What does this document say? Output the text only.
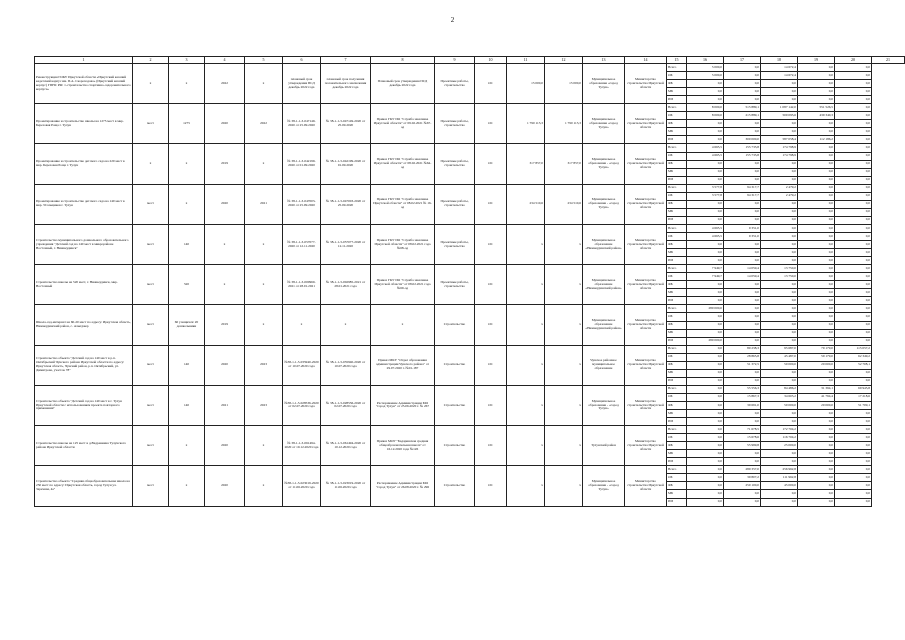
2
1	2	3	4	5	6	7	8	9	10	11	12	13	14	15	16	17	18	19	20	21
Реконструкция ГОКУ Иркутской области «Иркутский казачий кадетский корпус им. П.А. Скороходова» (Иркутский казачий корпус) ГПНС РФ: 1-строительство спортивно-оздоровительного корпуса»	x	x	2022	x	плановый срок утверждения ПСД декабрь 2022 года	плановый срок получения положительного заключения декабрь 2022 года	Плановый срок утверждения ПСД декабрь 2022 года	Проектные работы, строительство	ОС	15 000,0	15 000,0	Муниципальное образование «город Тулун»	Министерство строительства Иркутской области	Всего	5 000,0	0,0	14 672,4	0,0	0,0	
														ОБ	5 000,0	0,0	14 672,4	0,0	0,0	
														ФБ	0,0	0,0	0,0	0,0	0,0	
														МБ	0,0	0,0	0,0	0,0	0,0	
														ИИ	0,0	0,0	0,0	0,0	0,0	
Проектирование и строительство школы на 1275 мест в мкр. Березовая Роща г. Тулун	мест	1275	2020	2022	№ 38-1-1-3-047149-2020 от 25.09.2020	№ 38-1-1-3-047149-2020 от 25.09.2020	Приказ ГКУ ИО "Служба заказчика Иркутской области" от 09.02.2021 №67-од	Проектные работы, строительство	ОС	1 790 113,3	1 790 113,3	Муниципальное образование «город Тулун»	Министерство строительства Иркутской области	Всего	8 000,0	515 889,1	1 087 142,0	551 526,5	0,0	
														ОБ	8 000,0	215 889,1	500 093,6	439 340,3	0,0	
														ФБ	0,0	0,0	0,0	0,0	0,0	
														МБ	0,0	0,0	0,0	0,0	0,0	
														ИИ	0,0	300 000,0	587 058,4	112 186,2	0,0	
Проектирование и строительство детского сада на 220 мест в мкр. Березовая Роща г. Тулун	x	x	2019	x	№ 38-1-1-3-042199-2020 от 01.09.2020	№ 38-1-1-3-042199-2020 от 01.09.2020	Приказ ГКУ ИО "Служба заказчика Иркутской области" от 08.02.2021 №64-од	Проектные работы, строительство	ОС	317 857,0	317 857,0	Муниципальное образование - «город Тулун»	Министерство строительства Иркутской области	Всего	4 665,5	155 733,8	174 798,9	0,0	0,0	
														ОБ	4 665,5	155 733,8	174 798,9	0,0	0,0	
														ФБ	0,0	0,0	0,0	0,0	0,0	
														МБ	0,0	0,0	0,0	0,0	0,0	
														ИИ	0,0	0,0	0,0	0,0	0,0	
Проектирование и строительство детского сада на 140 мест в мкр. Угольщиков г. Тулун	мест	x	2020	2021	№ 38-1-1-3-047003-2020 от 25.09.2020	№ 38-1-1-3-047003-2020 от 25.09.2020	Приказ ГКУ ИО "Служба заказчика Иркутской области" от 08.02.2021 № 16-од	Проектные работы, строительство	ОС	234 510,6	234 510,6	Муниципальное образование - «город Тулун»	Министерство строительства Иркутской области	Всего	3 577,8	94 317,7	2 479,2	0,0	0,0	
														ОБ	3 577,8	94 317,7	2 479,2	0,0	0,0	
														ФБ	0,0	0,0	0,0	0,0	0,0	
														МБ	0,0	0,0	0,0	0,0	0,0	
														ИИ	0,0	0,0	0,0	0,0	0,0	
Строительство муниципального дошкольного образовательного учреждения "Детский сад на 140 мест в микрорайоне Восточный, г. Нижнеудинск"	мест	140	x	x	№ 38-1-1-3-057077-2020 от 12.11.2020	№ 38-1-1-3-057077-2020 от 12.11.2020	Приказ ГКУ ИО "Служба заказчика Иркутской области" от 08.02.2021 года №68-од	Проектные работы, строительство	ОС	x	x	Муниципальное образование «Нижнеудинский район»	Министерство строительства Иркутской области	Всего	4 665,5	9 351,0	0,0	0,0	0,0	
														ОБ	4 665,5	9 351,0	0,0	0,0	0,0	
														ФБ	0,0	0,0	0,0	0,0	0,0	
														МБ	0,0	0,0	0,0	0,0	0,0	
														ИИ	0,0	0,0	0,0	0,0	0,0	
Строительство школы на 520 мест, г. Нижнеудинск, мкр. Восточный	мест	520	x	x	№ 38-1-1-3-000960-2021 от 28.01.2021	№ 38-1-1-3-002985-2021 от 28.01.2021 года	Приказ ГКУ ИО "Служба заказчика Иркутской области" от 08.02.2021 года №69-од	Проектные работы, строительство	ОС	x	x	Муниципальное образование «Нижнеудинский район»	Министерство строительства Иркутской области	Всего	7 949,7	14 059,4	13 750,0	0,0	0,0	
														ОБ	7 949,7	14 059,4	13 750,0	0,0	0,0	
														ФБ	0,0	0,0	0,0	0,0	0,0	
														МБ	0,0	0,0	0,0	0,0	0,0	
														ИИ	0,0	0,0	0,0	0,0	0,0	
Школа-сад-интернат на 60-20 мест по адресу: Иркутская область, Нижнеудинский район, с. Алыгджер	мест	60 учащихся/ 20 дошкольники	2019	x	x	x	x	Строительство	ОС	x	x	Муниципальное образование «Нижнеудинский район»	Министерство строительства Иркутской области	Всего	280 000,0	0,0	0,0	0,0	0,0	
														ОБ	0,0	0,0	0,0	0,0	0,0	
														ФБ	0,0	0,0	0,0	0,0	0,0	
														МБ	0,0	0,0	0,0	0,0	0,0	
														ИИ	280 000,0	0,0	0,0	0,0	0,0	
Строительство объекта "Детский сад на 140 мест в р.п. Октябрьский Чунского района Иркутской области по адресу: Иркутская область, Чунский район, р.п. Октябрьский, ул. Димитрова, участок 78"	мест	140	2020	2023	№38-1-1-3-035940-2020 от 10.07.2020 года	№ 38-1-1-3-035940-2020 от 10.07.2020 года	Приказ МКУ "Отдел образования администрации Чунского района" от 29.07.2020 г. №01-187	Строительство	ОС	x	x	Чунское районное муниципальное образование	Министерство строительства Иркутской области	Всего	0,0	80 238,3	95 687,0	79 179,0	115 057,2	
														ОБ	0,0	28 865,8	45 487,0	59 179,0	62 349,2	
														ФБ	0,0	51 372,5	50 000,0	20 000,0	52 708,1	
														МБ	0,0	0,0	0,0	0,0	0,0	
														ИИ	0,0	0,0	0,0	0,0	0,0	
Строительство объекта "Детский сад на 140 мест в г. Тулун Иркутской области с использованием проекта повторного применения"	мест	140	2021	2023	№38-1-1-3-028536-2020 от 02.07.2020 года	№ 38-1-1-3-028536-2020 от 02.07.2020 года	Распоряжение Администрации МО "город Тулун" от 25.06.2020 г. № 267	Строительство	ОС	x	x	Муниципальное образование - «город Тулун»	Министерство строительства Иркутской области	Всего	0,0	55 556,3	84 486,2	31 394,1	69 945,8	
														ОБ	0,0	15 867,3	34 603,2	41 794,4	17 218,6	
														ФБ	0,0	39 691,0	50 000,0	20 000,0	51 709,1	
														МБ	0,0	0,0	0,0	0,0	0,0	
														ИИ	0,0	0,0	0,0	0,0	0,0	
Строительство школы на 125 мест в д.Вадренкина Тулунского района Иркутской области	мест	x	2020	x	№ 38-1-1-3-061494-2020 от 10.12.2020 года	№ 38-1-1-3-061494-2020 от 10.12.2020 года	Приказ МОУ "Бадаринская средняя общеобразовательная школа" от 16.12.2020 года №126	Строительство	ОС	x	x	Тулунский район	Министерство строительства Иркутской области	Всего	0,0	71 678,5	172 704,2	0,0	0,0	
														ОБ	0,0	15 678,6	116 704,2	0,0	0,0	
														ФБ	0,0	55 999,8	25 000,0	0,0	0,0	
														МБ	0,0	0,0	0,0	0,0	0,0	
														ИИ	0,0	0,0	0,0	0,0	0,0	
Строительство объекта "Средняя общеобразовательная школа на 250 мест по адресу: Иркутская область, город Тулун ул. Заречная, 4а"	мест	x	2020	x	№38-1-1-3-023019-2020 от 11.06.2020 года	№ 38-1-1-3-023019-2020 от 11.06.2020 года	Распоряжение Администрации МО "город Тулун" от 26.08.2020 г. № 296	Строительство	ОС	x	x	Муниципальное образование - «город Тулун»	Министерство строительства Иркутской области	Всего	0,0	289 357,0	256 962,8	0,0	0,0	
														ОБ	0,0	39 807,2	111 962,8	0,0	0,0	
														ФБ	0,0	250 100,0	45 000,0	0,0	0,0	
														МБ	0,0	0,0	0,0	0,0	0,0	
														ИИ	0,0	0,0	0,0	0,0	0,0	
